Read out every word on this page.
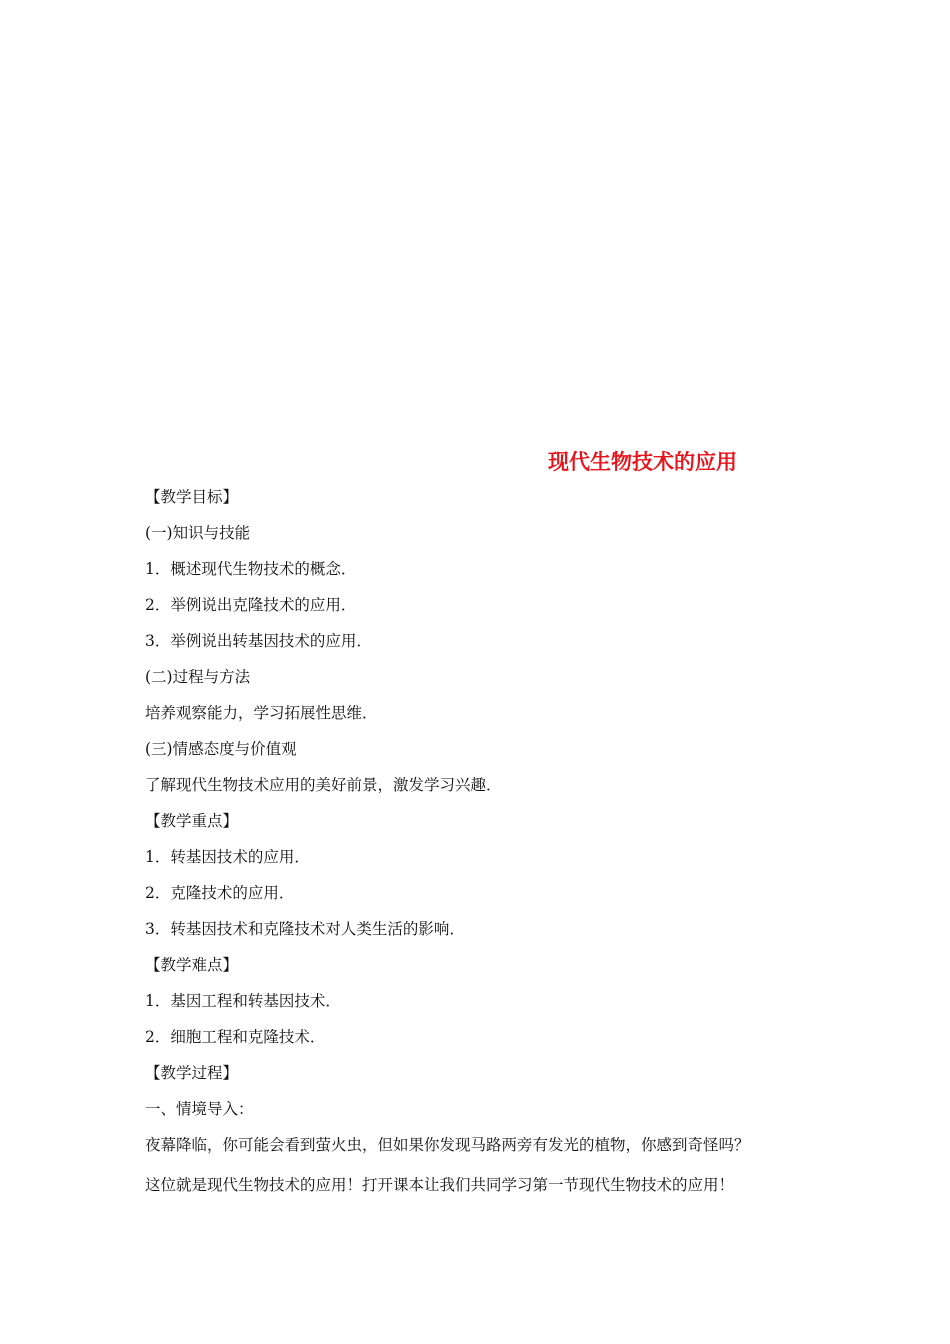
现代生物技术的应用
【教学目标】
(一)知识与技能
1．概述现代生物技术的概念．
2．举例说出克隆技术的应用．
3．举例说出转基因技术的应用．
(二)过程与方法
培养观察能力，学习拓展性思维．
(三)情感态度与价值观
了解现代生物技术应用的美好前景，激发学习兴趣．
【教学重点】
1．转基因技术的应用．
2．克隆技术的应用．
3．转基因技术和克隆技术对人类生活的影响．
【教学难点】
1．基因工程和转基因技术．
2．细胞工程和克隆技术．
【教学过程】
一、情境导入：
夜幕降临，你可能会看到萤火虫，但如果你发现马路两旁有发光的植物，你感到奇怪吗？
这位就是现代生物技术的应用！打开课本让我们共同学习第一节现代生物技术的应用！
